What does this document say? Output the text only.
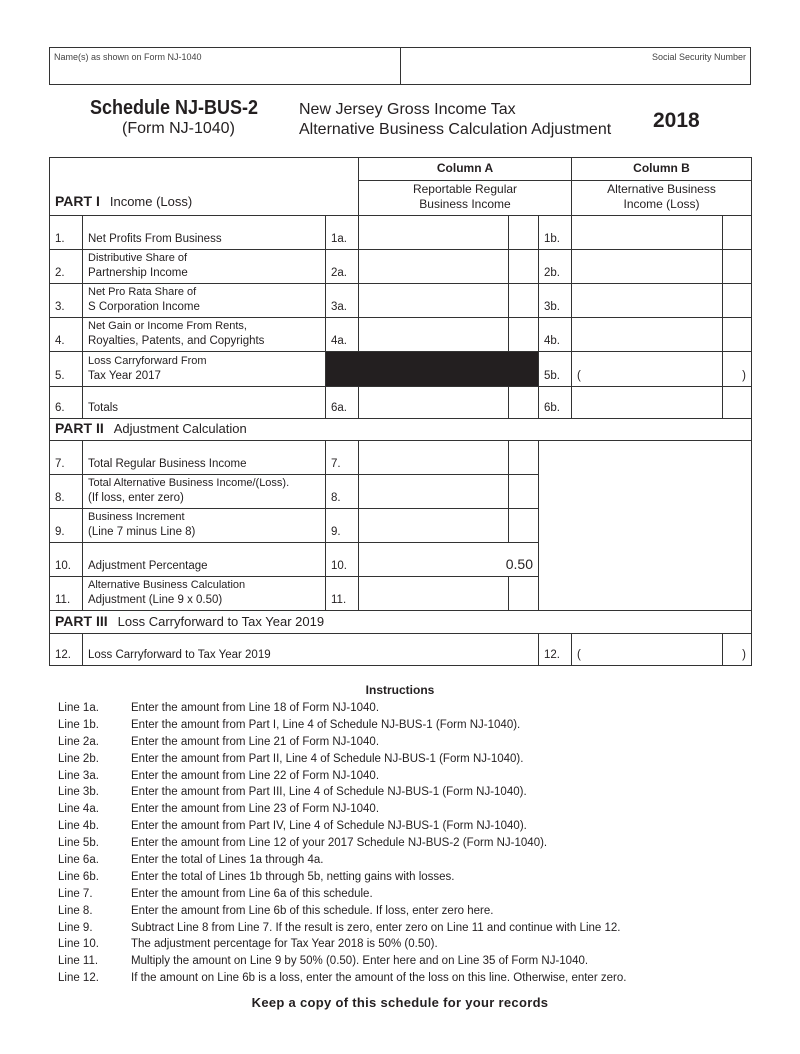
Name(s) as shown on Form NJ-1040	Social Security Number
Schedule NJ-BUS-2
(Form NJ-1040)
New Jersey Gross Income Tax
Alternative Business Calculation Adjustment 2018
PART I Income (Loss)			Column A			Column B	
			Reportable Regular
Business Income			Alternative Business
Income (Loss)	
1.	Net Profits From Business	1a.			1b.		
2.	Distributive Share of
Partnership Income	2a.			2b.		
3.	Net Pro Rata Share of
S Corporation Income	3a.			3b.		
4.	Net Gain or Income From Rents,
Royalties, Patents, and Copyrights	4a.			4b.		
5.	Loss Carryforward From
Tax Year 2017				5b.	(	)
6.	Totals	6a.			6b.		
PART II Adjustment Calculation							
7.	Total Regular Business Income	7.					
8.	Total Alternative Business Income/(Loss).
(If loss, enter zero)	8.					
9.	Business Increment
(Line 7 minus Line 8)	9.					
10.	Adjustment Percentage	10.	0.50				
11.	Alternative Business Calculation
Adjustment (Line 9 x 0.50)	11.					
PART III Loss Carryforward to Tax Year 2019							
12.	Loss Carryforward to Tax Year 2019				12.	(	)
Instructions
Line 1a.	Enter the amount from Line 18 of Form NJ-1040.
Line 1b.	Enter the amount from Part I, Line 4 of Schedule NJ-BUS-1 (Form NJ-1040).
Line 2a.	Enter the amount from Line 21 of Form NJ-1040.
Line 2b.	Enter the amount from Part II, Line 4 of Schedule NJ-BUS-1 (Form NJ-1040).
Line 3a.	Enter the amount from Line 22 of Form NJ-1040.
Line 3b.	Enter the amount from Part III, Line 4 of Schedule NJ-BUS-1 (Form NJ-1040).
Line 4a.	Enter the amount from Line 23 of Form NJ-1040.
Line 4b.	Enter the amount from Part IV, Line 4 of Schedule NJ-BUS-1 (Form NJ-1040).
Line 5b.	Enter the amount from Line 12 of your 2017 Schedule NJ-BUS-2 (Form NJ-1040).
Line 6a.	Enter the total of Lines 1a through 4a.
Line 6b.	Enter the total of Lines 1b through 5b, netting gains with losses.
Line 7.	Enter the amount from Line 6a of this schedule.
Line 8.	Enter the amount from Line 6b of this schedule. If loss, enter zero here.
Line 9.	Subtract Line 8 from Line 7. If the result is zero, enter zero on Line 11 and continue with Line 12.
Line 10.	The adjustment percentage for Tax Year 2018 is 50% (0.50).
Line 11.	Multiply the amount on Line 9 by 50% (0.50). Enter here and on Line 35 of Form NJ-1040.
Line 12.	If the amount on Line 6b is a loss, enter the amount of the loss on this line. Otherwise, enter zero.
Keep a copy of this schedule for your records
